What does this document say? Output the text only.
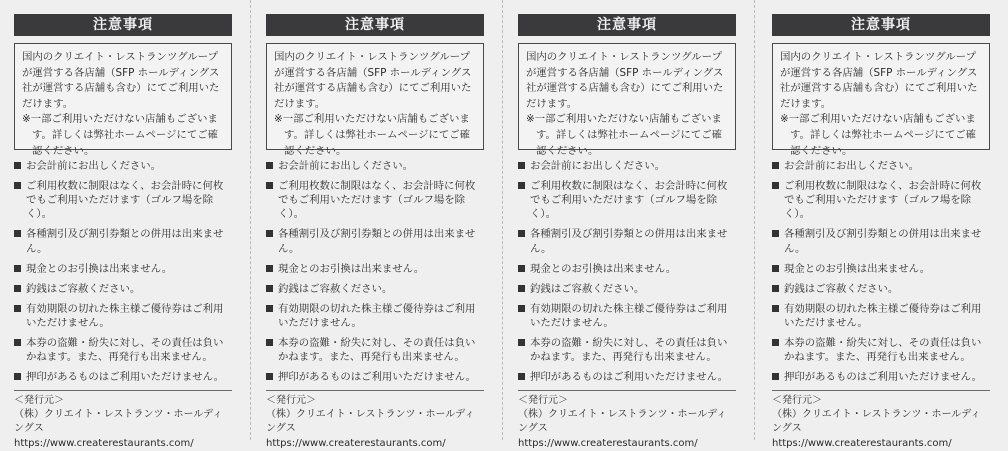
注意事項
国内のクリエイト・レストランツグループが運営する各店舗（SFP ホールディングス社が運営する店舗も含む）にてご利用いただけます。
※一部ご利用いただけない店舗もございます。詳しくは弊社ホームページにてご確認ください。
お会計前にお出しください。
ご利用枚数に制限はなく、お会計時に何枚でもご利用いただけます（ゴルフ場を除く）。
各種割引及び割引券類との併用は出来ません。
現金とのお引換は出来ません。
釣銭はご容赦ください。
有効期限の切れた株主様ご優待券はご利用いただけません。
本券の盗難・紛失に対し、その責任は負いかねます。また、再発行も出来ません。
押印があるものはご利用いただけません。
＜発行元＞
（株）クリエイト・レストランツ・ホールディングス
https://www.createrestaurants.com/
注意事項
国内のクリエイト・レストランツグループが運営する各店舗（SFP ホールディングス社が運営する店舗も含む）にてご利用いただけます。
※一部ご利用いただけない店舗もございます。詳しくは弊社ホームページにてご確認ください。
お会計前にお出しください。
ご利用枚数に制限はなく、お会計時に何枚でもご利用いただけます（ゴルフ場を除く）。
各種割引及び割引券類との併用は出来ません。
現金とのお引換は出来ません。
釣銭はご容赦ください。
有効期限の切れた株主様ご優待券はご利用いただけません。
本券の盗難・紛失に対し、その責任は負いかねます。また、再発行も出来ません。
押印があるものはご利用いただけません。
＜発行元＞
（株）クリエイト・レストランツ・ホールディングス
https://www.createrestaurants.com/
注意事項
国内のクリエイト・レストランツグループが運営する各店舗（SFP ホールディングス社が運営する店舗も含む）にてご利用いただけます。
※一部ご利用いただけない店舗もございます。詳しくは弊社ホームページにてご確認ください。
お会計前にお出しください。
ご利用枚数に制限はなく、お会計時に何枚でもご利用いただけます（ゴルフ場を除く）。
各種割引及び割引券類との併用は出来ません。
現金とのお引換は出来ません。
釣銭はご容赦ください。
有効期限の切れた株主様ご優待券はご利用いただけません。
本券の盗難・紛失に対し、その責任は負いかねます。また、再発行も出来ません。
押印があるものはご利用いただけません。
＜発行元＞
（株）クリエイト・レストランツ・ホールディングス
https://www.createrestaurants.com/
注意事項
国内のクリエイト・レストランツグループが運営する各店舗（SFP ホールディングス社が運営する店舗も含む）にてご利用いただけます。
※一部ご利用いただけない店舗もございます。詳しくは弊社ホームページにてご確認ください。
お会計前にお出しください。
ご利用枚数に制限はなく、お会計時に何枚でもご利用いただけます（ゴルフ場を除く）。
各種割引及び割引券類との併用は出来ません。
現金とのお引換は出来ません。
釣銭はご容赦ください。
有効期限の切れた株主様ご優待券はご利用いただけません。
本券の盗難・紛失に対し、その責任は負いかねます。また、再発行も出来ません。
押印があるものはご利用いただけません。
＜発行元＞
（株）クリエイト・レストランツ・ホールディングス
https://www.createrestaurants.com/
